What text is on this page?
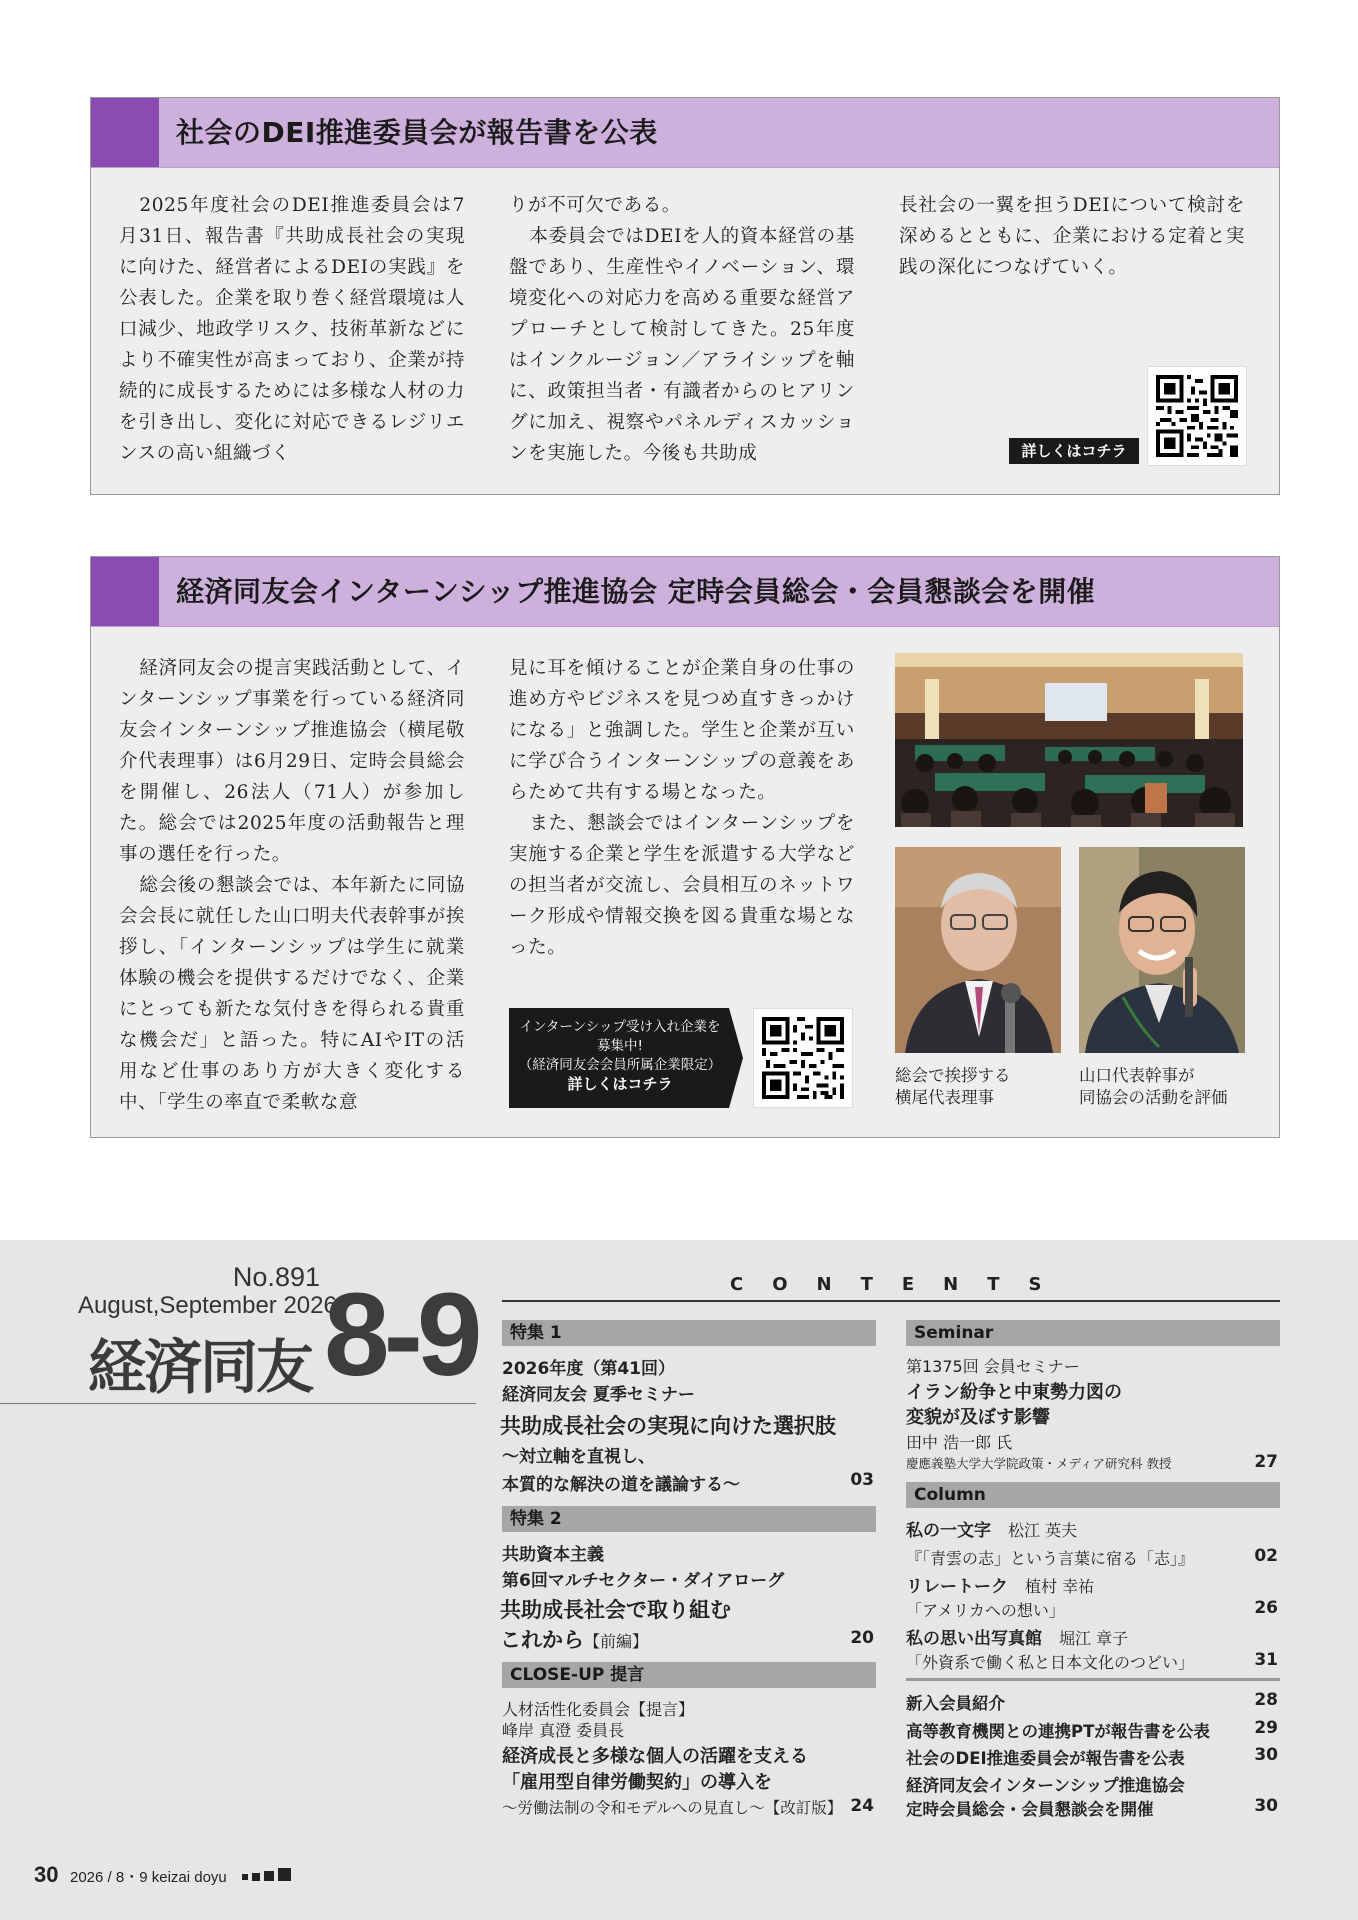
社会のDEI推進委員会が報告書を公表

2025年度社会のDEI推進委員会は7月31日、報告書『共助成長社会の実現に向けた、経営者によるDEIの実践』を公表した。企業を取り巻く経営環境は人口減少、地政学リスク、技術革新などにより不確実性が高まっており、企業が持続的に成長するためには多様な人材の力を引き出し、変化に対応できるレジリエンスの高い組織づく

りが不可欠である。

本委員会ではDEIを人的資本経営の基盤であり、生産性やイノベーション、環境変化への対応力を高める重要な経営アプローチとして検討してきた。25年度はインクルージョン／アライシップを軸に、政策担当者・有識者からのヒアリングに加え、視察やパネルディスカッションを実施した。今後も共助成

長社会の一翼を担うDEIについて検討を深めるとともに、企業における定着と実践の深化につなげていく。

詳しくはコチラ
経済同友会インターンシップ推進協会 定時会員総会・会員懇談会を開催

経済同友会の提言実践活動として、インターンシップ事業を行っている経済同友会インターンシップ推進協会（横尾敬介代表理事）は6月29日、定時会員総会を開催し、26法人（71人）が参加した。総会では2025年度の活動報告と理事の選任を行った。

総会後の懇談会では、本年新たに同協会会長に就任した山口明夫代表幹事が挨拶し、「インターンシップは学生に就業体験の機会を提供するだけでなく、企業にとっても新たな気付きを得られる貴重な機会だ」と語った。特にAIやITの活用など仕事のあり方が大きく変化する中、「学生の率直で柔軟な意

見に耳を傾けることが企業自身の仕事の進め方やビジネスを見つめ直すきっかけになる」と強調した。学生と企業が互いに学び合うインターンシップの意義をあらためて共有する場となった。

また、懇談会ではインターンシップを実施する企業と学生を派遣する大学などの担当者が交流し、会員相互のネットワーク形成や情報交換を図る貴重な場となった。

インターンシップ受け入れ企業を
募集中!
（経済同友会会員所属企業限定）
詳しくはコチラ	総会で挨拶する
横尾代表理事
山口代表幹事が
同協会の活動を評価
No.891
August,September 2026
経済同友 8-9	CONTENTS
特集 1
2026年度（第41回）
経済同友会 夏季セミナー
共助成長社会の実現に向けた選択肢
～対立軸を直視し、
本質的な解決の道を議論する～	03
特集 2
共助資本主義
第6回マルチセクター・ダイアローグ
共助成長社会で取り組む
これから【前編】	20
CLOSE-UP 提言
人材活性化委員会【提言】
峰岸 真澄 委員長
経済成長と多様な個人の活躍を支える
「雇用型自律労働契約」の導入を
～労働法制の令和モデルへの見直し～【改訂版】 24
Seminar
第1375回 会員セミナー
イラン紛争と中東勢力図の
変貌が及ぼす影響
田中 浩一郎 氏
慶應義塾大学大学院政策・メディア研究科 教授	27
Column
私の一文字　 松江 英夫
『「青雲の志」という言葉に宿る「志」』	02
リレートーク　 植村 幸祐
「アメリカへの想い」	26
私の思い出写真館　 堀江 章子
「外資系で働く私と日本文化のつどい」	31
新入会員紹介	28
高等教育機関との連携PTが報告書を公表	29
社会のDEI推進委員会が報告書を公表	30
経済同友会インターンシップ推進協会
定時会員総会・会員懇談会を開催	30
30 2026 / 8・9 keizai doyu
